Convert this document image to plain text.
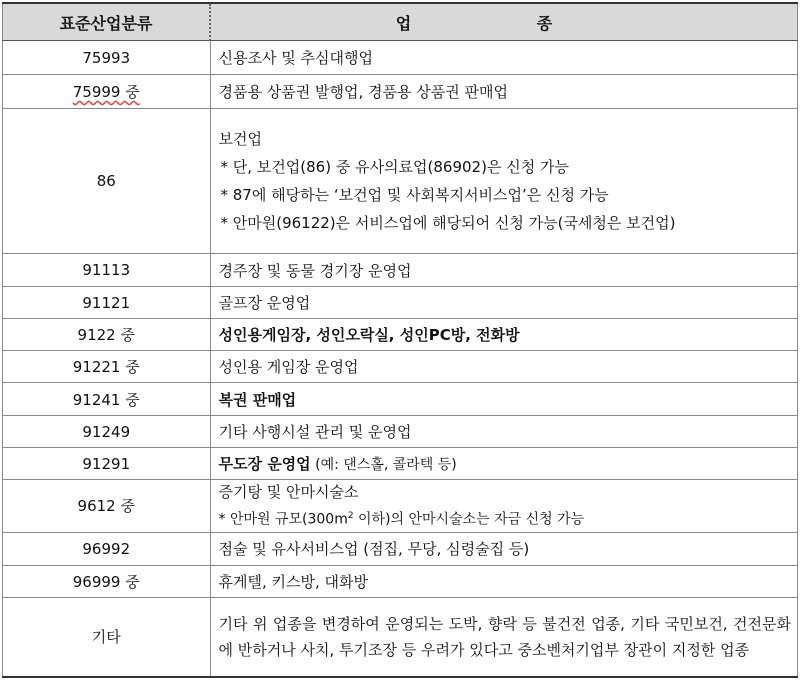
표준산업분류	업 종
75993	신용조사 및 추심대행업
75999 중	경품용 상품권 발행업, 경품용 상품권 판매업
86	보건업
* 단, 보건업(86) 중 유사의료업(86902)은 신청 가능
* 87에 해당하는 ‘보건업 및 사회복지서비스업’은 신청 가능
* 안마원(96122)은 서비스업에 해당되어 신청 가능(국세청은 보건업)

91113	경주장 및 동물 경기장 운영업
91121	골프장 운영업
9122 중	성인용게임장, 성인오락실, 성인PC방, 전화방
91221 중	성인용 게임장 운영업
91241 중	복권 판매업
91249	기타 사행시설 관리 및 운영업
91291	무도장 운영업 (예: 댄스홀, 콜라텍 등)
9612 중	증기탕 및 안마시술소
* 안마원 규모($300m^2$ 이하)의 안마시술소는 자금 신청 가능

96992	점술 및 유사서비스업 (점집, 무당, 심령술집 등)
96999 중	휴게텔, 키스방, 대화방
기타	기타 위 업종을 변경하여 운영되는 도박, 향락 등 불건전 업종, 기타 국민보건, 건전문화에 반하거나 사치, 투기조장 등 우려가 있다고 중소벤처기업부 장관이 지정한 업종
